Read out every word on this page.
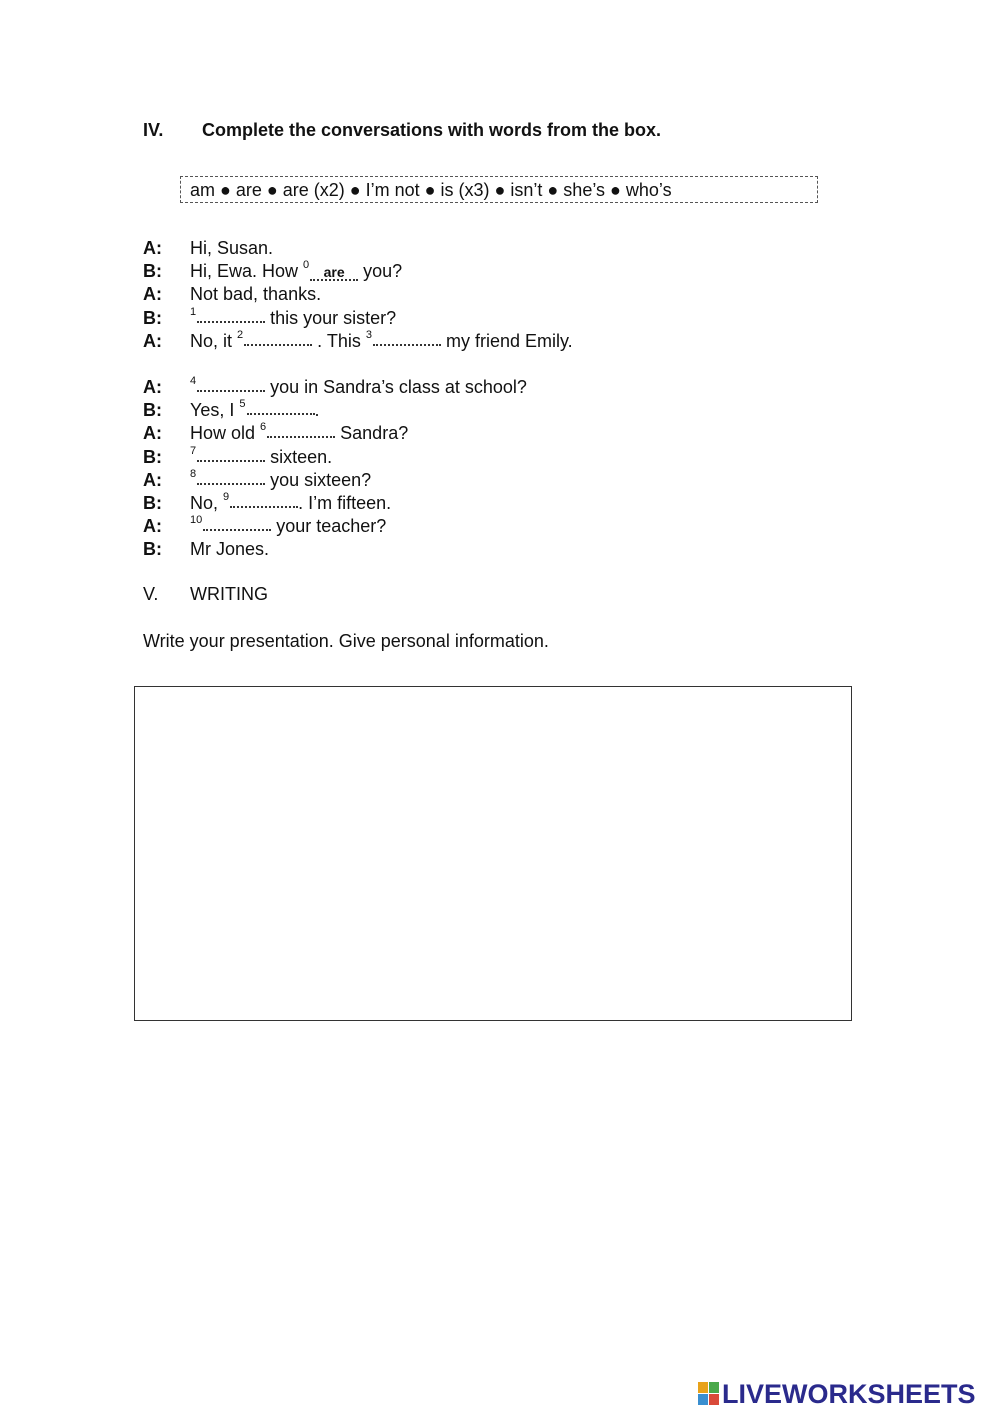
IV. Complete the conversations with words from the box.
am ● are ● are (x2) ● I’m not ● is (x3) ● isn’t ● she’s ● who’s
A:	Hi, Susan.
B:	Hi, Ewa. How $^0$ are you?
A:	Not bad, thanks.
B:	$^1$	this your sister?
A:	No, it $^2$	. This $^3$	my friend Emily.
A:	$^4$	you in Sandra’s class at school?
B:	Yes, I $^5$	.
A:	How old $^6$	Sandra?
B:	$^7$	sixteen.
A:	$^8$	you sixteen?
B:	No, $^9$	. I’m fifteen.
A:	$^{10}$	your teacher?
B:	Mr Jones.
V. WRITING
Write your presentation. Give personal information.
LIVEWORKSHEETS
